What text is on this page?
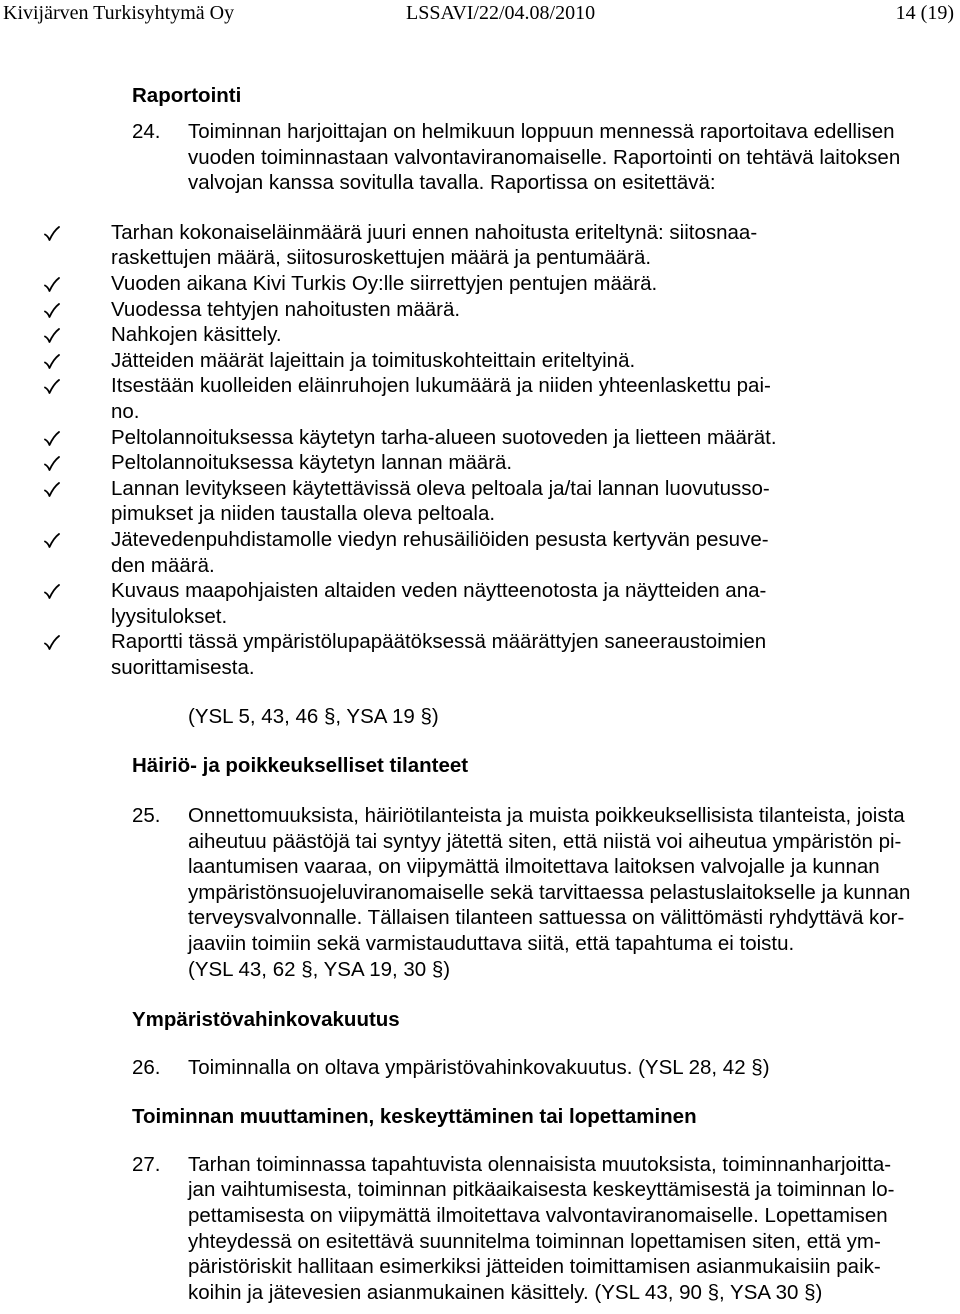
Kivijärven Turkisyhtymä Oy	LSSAVI/22/04.08/2010	14 (19)
Raportointi
24.	Toiminnan harjoittajan on helmikuun loppuun mennessä raportoitava edellisen
vuoden toiminnastaan valvontaviranomaiselle. Raportointi on tehtävä laitoksen
valvojan kanssa sovitulla tavalla. Raportissa on esitettävä:
Tarhan kokonaiseläinmäärä juuri ennen nahoitusta eriteltynä: siitosnaa-
raskettujen määrä, siitosuroskettujen määrä ja pentumäärä.
Vuoden aikana Kivi Turkis Oy:lle siirrettyjen pentujen määrä.
Vuodessa tehtyjen nahoitusten määrä.
Nahkojen käsittely.
Jätteiden määrät lajeittain ja toimituskohteittain eriteltyinä.
Itsestään kuolleiden eläinruhojen lukumäärä ja niiden yhteenlaskettu pai-
no.
Peltolannoituksessa käytetyn tarha-alueen suotoveden ja lietteen määrät.
Peltolannoituksessa käytetyn lannan määrä.
Lannan levitykseen käytettävissä oleva peltoala ja/tai lannan luovutusso-
pimukset ja niiden taustalla oleva peltoala.
Jätevedenpuhdistamolle viedyn rehusäiliöiden pesusta kertyvän pesuve-
den määrä.
Kuvaus maapohjaisten altaiden veden näytteenotosta ja näytteiden ana-
lyysitulokset.
Raportti tässä ympäristölupapäätöksessä määrättyjen saneeraustoimien
suorittamisesta.
(YSL 5, 43, 46 §, YSA 19 §)
Häiriö- ja poikkeukselliset tilanteet
25.	Onnettomuuksista, häiriötilanteista ja muista poikkeuksellisista tilanteista, joista
aiheutuu päästöjä tai syntyy jätettä siten, että niistä voi aiheutua ympäristön pi-
laantumisen vaaraa, on viipymättä ilmoitettava laitoksen valvojalle ja kunnan
ympäristönsuojeluviranomaiselle sekä tarvittaessa pelastuslaitokselle ja kunnan
terveysvalvonnalle. Tällaisen tilanteen sattuessa on välittömästi ryhdyttävä kor-
jaaviin toimiin sekä varmistauduttava siitä, että tapahtuma ei toistu.
(YSL 43, 62 §, YSA 19, 30 §)
Ympäristövahinkovakuutus
26.	Toiminnalla on oltava ympäristövahinkovakuutus. (YSL 28, 42 §)
Toiminnan muuttaminen, keskeyttäminen tai lopettaminen
27.	Tarhan toiminnassa tapahtuvista olennaisista muutoksista, toiminnanharjoitta-
jan vaihtumisesta, toiminnan pitkäaikaisesta keskeyttämisestä ja toiminnan lo-
pettamisesta on viipymättä ilmoitettava valvontaviranomaiselle. Lopettamisen
yhteydessä on esitettävä suunnitelma toiminnan lopettamisen siten, että ym-
päristöriskit hallitaan esimerkiksi jätteiden toimittamisen asianmukaisiin paik-
koihin ja jätevesien asianmukainen käsittely. (YSL 43, 90 §, YSA 30 §)
